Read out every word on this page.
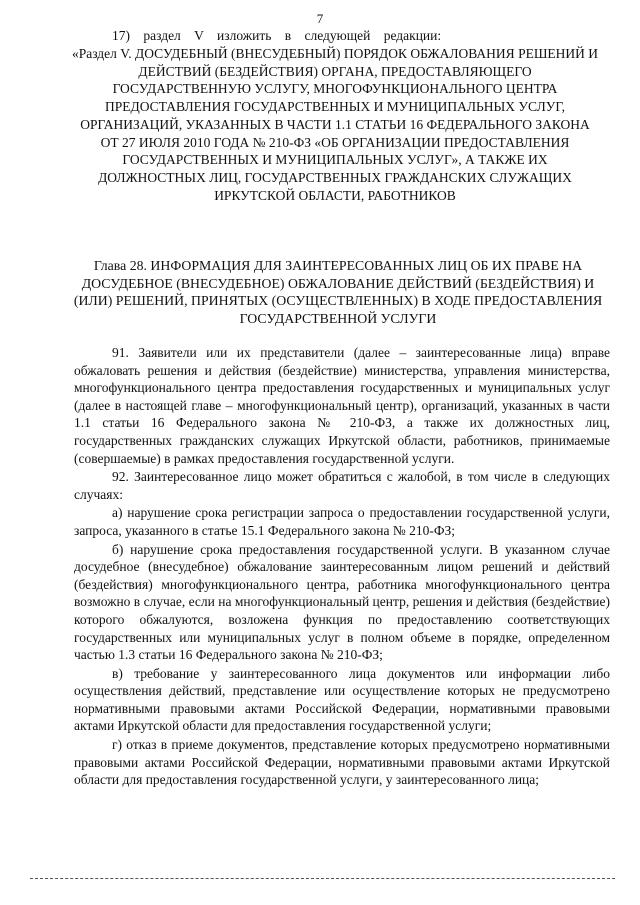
7
17) раздел V изложить в следующей редакции:
«Раздел V. ДОСУДЕБНЫЙ (ВНЕСУДЕБНЫЙ) ПОРЯДОК ОБЖАЛОВАНИЯ РЕШЕНИЙ И ДЕЙСТВИЙ (БЕЗДЕЙСТВИЯ) ОРГАНА, ПРЕДОСТАВЛЯЮЩЕГО ГОСУДАРСТВЕННУЮ УСЛУГУ, МНОГОФУНКЦИОНАЛЬНОГО ЦЕНТРА ПРЕДОСТАВЛЕНИЯ ГОСУДАРСТВЕННЫХ И МУНИЦИПАЛЬНЫХ УСЛУГ, ОРГАНИЗАЦИЙ, УКАЗАННЫХ В ЧАСТИ 1.1 СТАТЬИ 16 ФЕДЕРАЛЬНОГО ЗАКОНА ОТ 27 ИЮЛЯ 2010 ГОДА № 210-ФЗ «ОБ ОРГАНИЗАЦИИ ПРЕДОСТАВЛЕНИЯ ГОСУДАРСТВЕННЫХ И МУНИЦИПАЛЬНЫХ УСЛУГ», А ТАКЖЕ ИХ ДОЛЖНОСТНЫХ ЛИЦ, ГОСУДАРСТВЕННЫХ ГРАЖДАНСКИХ СЛУЖАЩИХ ИРКУТСКОЙ ОБЛАСТИ, РАБОТНИКОВ
Глава 28. ИНФОРМАЦИЯ ДЛЯ ЗАИНТЕРЕСОВАННЫХ ЛИЦ ОБ ИХ ПРАВЕ НА ДОСУДЕБНОЕ (ВНЕСУДЕБНОЕ) ОБЖАЛОВАНИЕ ДЕЙСТВИЙ (БЕЗДЕЙСТВИЯ) И (ИЛИ) РЕШЕНИЙ, ПРИНЯТЫХ (ОСУЩЕСТВЛЕННЫХ) В ХОДЕ ПРЕДОСТАВЛЕНИЯ ГОСУДАРСТВЕННОЙ УСЛУГИ

91. Заявители или их представители (далее – заинтересованные лица) вправе обжаловать решения и действия (бездействие) министерства, управления министерства, многофункционального центра предоставления государственных и муниципальных услуг (далее в настоящей главе – многофункциональный центр), организаций, указанных в части 1.1 статьи 16 Федерального закона № 210-ФЗ, а также их должностных лиц, государственных гражданских служащих Иркутской области, работников, принимаемые (совершаемые) в рамках предоставления государственной услуги.

92. Заинтересованное лицо может обратиться с жалобой, в том числе в следующих случаях:

а) нарушение срока регистрации запроса о предоставлении государственной услуги, запроса, указанного в статье 15.1 Федерального закона № 210-ФЗ;

б) нарушение срока предоставления государственной услуги. В указанном случае досудебное (внесудебное) обжалование заинтересованным лицом решений и действий (бездействия) многофункционального центра, работника многофункционального центра возможно в случае, если на многофункциональный центр, решения и действия (бездействие) которого обжалуются, возложена функция по предоставлению соответствующих государственных или муниципальных услуг в полном объеме в порядке, определенном частью 1.3 статьи 16 Федерального закона № 210-ФЗ;

в) требование у заинтересованного лица документов или информации либо осуществления действий, представление или осуществление которых не предусмотрено нормативными правовыми актами Российской Федерации, нормативными правовыми актами Иркутской области для предоставления государственной услуги;

г) отказ в приеме документов, представление которых предусмотрено нормативными правовыми актами Российской Федерации, нормативными правовыми актами Иркутской области для предоставления государственной услуги, у заинтересованного лица;
